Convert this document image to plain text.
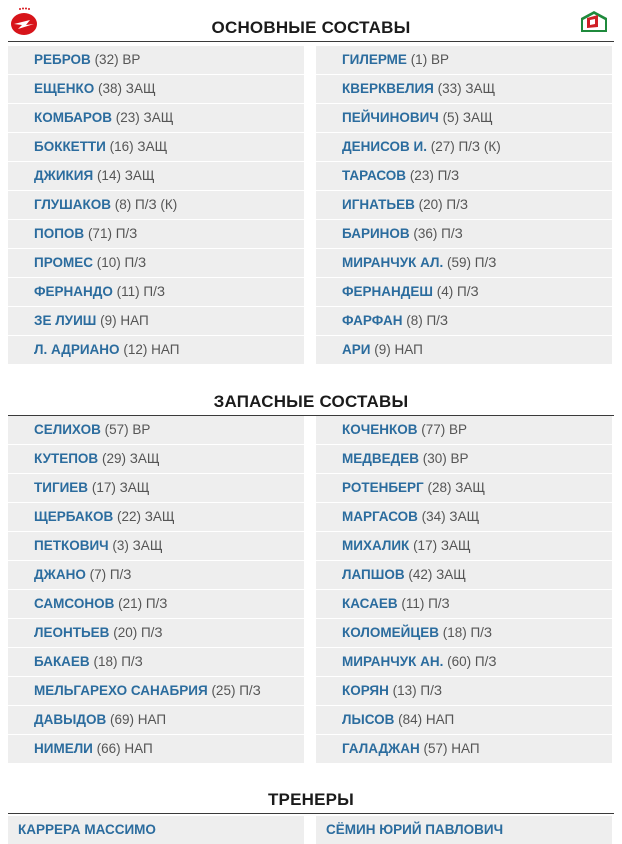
ОСНОВНЫЕ СОСТАВЫ
РЕБРОВ (32) ВР
ЕЩЕНКО (38) ЗАЩ
КОМБАРОВ (23) ЗАЩ
БОККЕТТИ (16) ЗАЩ
ДЖИКИЯ (14) ЗАЩ
ГЛУШАКОВ (8) П/З (К)
ПОПОВ (71) П/З
ПРОМЕС (10) П/З
ФЕРНАНДО (11) П/З
ЗЕ ЛУИШ (9) НАП
Л. АДРИАНО (12) НАП
ГИЛЕРМЕ (1) ВР
КВЕРКВЕЛИЯ (33) ЗАЩ
ПЕЙЧИНОВИЧ (5) ЗАЩ
ДЕНИСОВ И. (27) П/З (К)
ТАРАСОВ (23) П/З
ИГНАТЬЕВ (20) П/З
БАРИНОВ (36) П/З
МИРАНЧУК АЛ. (59) П/З
ФЕРНАНДЕШ (4) П/З
ФАРФАН (8) П/З
АРИ (9) НАП
ЗАПАСНЫЕ СОСТАВЫ
СЕЛИХОВ (57) ВР
КУТЕПОВ (29) ЗАЩ
ТИГИЕВ (17) ЗАЩ
ЩЕРБАКОВ (22) ЗАЩ
ПЕТКОВИЧ (3) ЗАЩ
ДЖАНО (7) П/З
САМСОНОВ (21) П/З
ЛЕОНТЬЕВ (20) П/З
БАКАЕВ (18) П/З
МЕЛЬГАРЕХО САНАБРИЯ (25) П/З
ДАВЫДОВ (69) НАП
НИМЕЛИ (66) НАП
КОЧЕНКОВ (77) ВР
МЕДВЕДЕВ (30) ВР
РОТЕНБЕРГ (28) ЗАЩ
МАРГАСОВ (34) ЗАЩ
МИХАЛИК (17) ЗАЩ
ЛАПШОВ (42) ЗАЩ
КАСАЕВ (11) П/З
КОЛОМЕЙЦЕВ (18) П/З
МИРАНЧУК АН. (60) П/З
КОРЯН (13) П/З
ЛЫСОВ (84) НАП
ГАЛАДЖАН (57) НАП
ТРЕНЕРЫ
КАРРЕРА МАССИМО	СЁМИН ЮРИЙ ПАВЛОВИЧ
